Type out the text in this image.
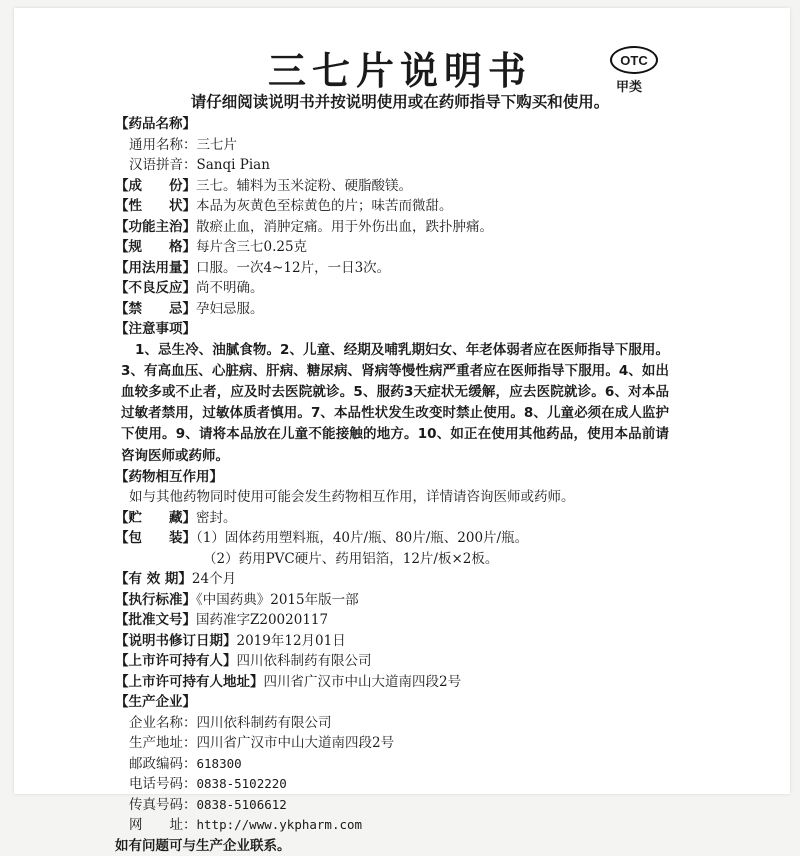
三七片说明书	OTC
甲类
请仔细阅读说明书并按说明使用或在药师指导下购买和使用。
【药品名称】
通用名称：三七片
汉语拼音：Sanqi Pian
【成　　份】三七。辅料为玉米淀粉、硬脂酸镁。
【性　　状】本品为灰黄色至棕黄色的片；味苦而微甜。
【功能主治】散瘀止血，消肿定痛。用于外伤出血，跌扑肿痛。
【规　　格】每片含三七0.25克
【用法用量】口服。一次4~12片，一日3次。
【不良反应】尚不明确。
【禁　　忌】孕妇忌服。
【注意事项】

1、忌生冷、油腻食物。2、儿童、经期及哺乳期妇女、年老体弱者应在医师指导下服用。3、有高血压、心脏病、肝病、糖尿病、肾病等慢性病严重者应在医师指导下服用。4、如出血较多或不止者，应及时去医院就诊。5、服药3天症状无缓解，应去医院就诊。6、对本品过敏者禁用，过敏体质者慎用。7、本品性状发生改变时禁止使用。8、儿童必须在成人监护下使用。9、请将本品放在儿童不能接触的地方。10、如正在使用其他药品，使用本品前请咨询医师或药师。

【药物相互作用】
如与其他药物同时使用可能会发生药物相互作用，详情请咨询医师或药师。
【贮　　藏】密封。
【包　　装】（1）固体药用塑料瓶，40片/瓶、80片/瓶、200片/瓶。
（2）药用PVC硬片、药用铝箔，12片/板×2板。
【有 效 期】24个月
【执行标准】《中国药典》2015年版一部
【批准文号】国药准字Z20020117
【说明书修订日期】2019年12月01日
【上市许可持有人】四川依科制药有限公司
【上市许可持有人地址】四川省广汉市中山大道南四段2号
【生产企业】
企业名称：四川依科制药有限公司
生产地址：四川省广汉市中山大道南四段2号
邮政编码：618300
电话号码：0838-5102220
传真号码：0838-5106612
网　　址：http://www.ykpharm.com
如有问题可与生产企业联系。
